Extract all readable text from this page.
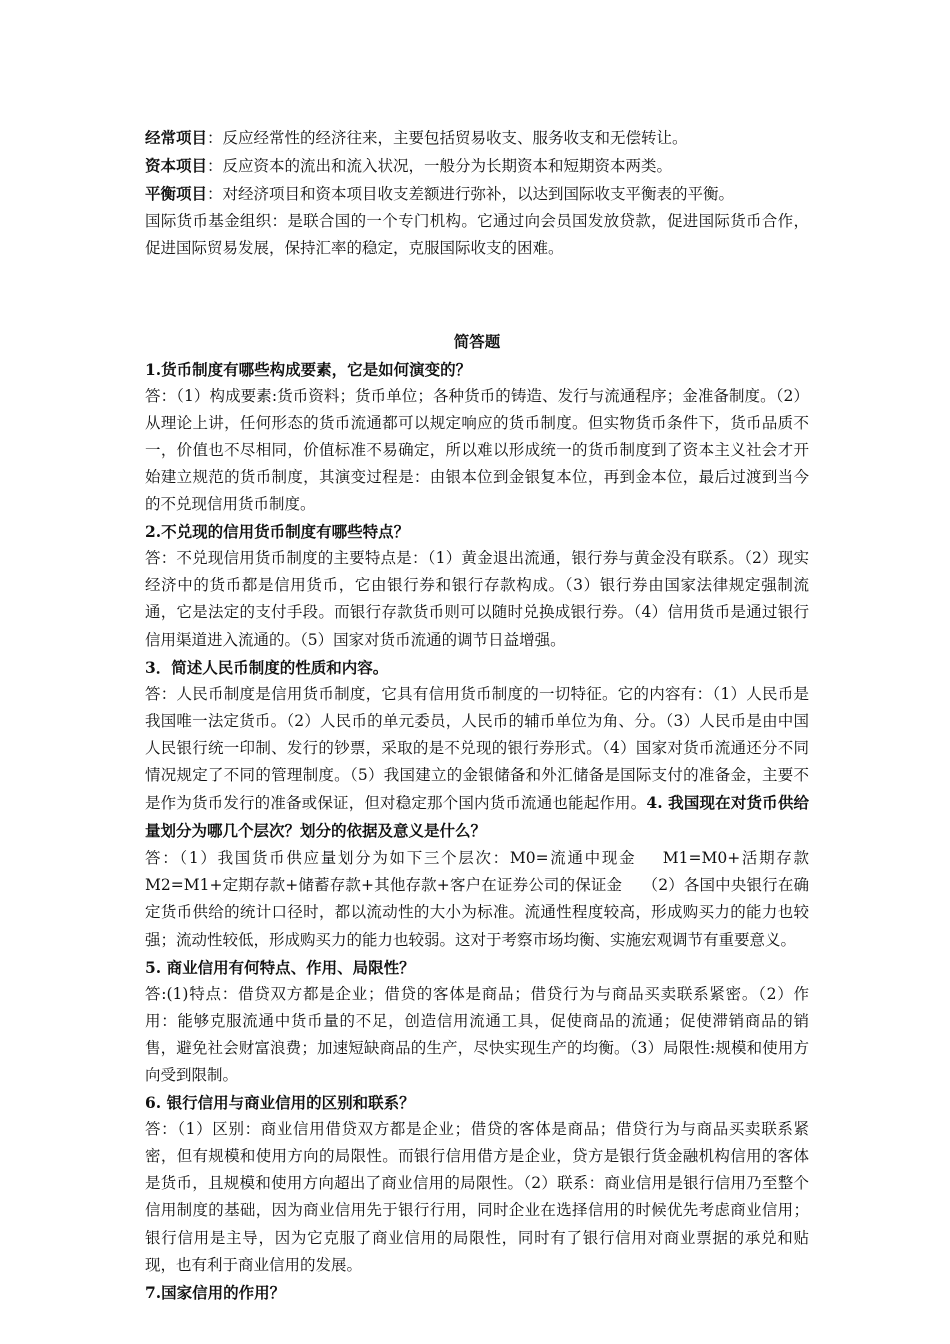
经常项目：反应经常性的经济往来，主要包括贸易收支、服务收支和无偿转让。

资本项目：反应资本的流出和流入状况，一般分为长期资本和短期资本两类。

平衡项目：对经济项目和资本项目收支差额进行弥补，以达到国际收支平衡表的平衡。

国际货币基金组织：是联合国的一个专门机构。它通过向会员国发放贷款，促进国际货币合作，促进国际贸易发展，保持汇率的稳定，克服国际收支的困难。

简答题

1.货币制度有哪些构成要素，它是如何演变的？

答：（1）构成要素:货币资料；货币单位；各种货币的铸造、发行与流通程序；金准备制度。（2）从理论上讲，任何形态的货币流通都可以规定响应的货币制度。但实物货币条件下，货币品质不一，价值也不尽相同，价值标准不易确定，所以难以形成统一的货币制度到了资本主义社会才开始建立规范的货币制度，其演变过程是：由银本位到金银复本位，再到金本位，最后过渡到当今的不兑现信用货币制度。

2.不兑现的信用货币制度有哪些特点？

答：不兑现信用货币制度的主要特点是：（1）黄金退出流通，银行券与黄金没有联系。（2）现实经济中的货币都是信用货币，它由银行券和银行存款构成。（3）银行券由国家法律规定强制流通，它是法定的支付手段。而银行存款货币则可以随时兑换成银行券。（4）信用货币是通过银行信用渠道进入流通的。（5）国家对货币流通的调节日益增强。

3．简述人民币制度的性质和内容。

答：人民币制度是信用货币制度，它具有信用货币制度的一切特征。它的内容有：（1）人民币是我国唯一法定货币。（2）人民币的单元委员，人民币的辅币单位为角、分。（3）人民币是由中国人民银行统一印制、发行的钞票，采取的是不兑现的银行券形式。（4）国家对货币流通还分不同情况规定了不同的管理制度。（5）我国建立的金银储备和外汇储备是国际支付的准备金，主要不是作为货币发行的准备或保证，但对稳定那个国内货币流通也能起作用。4. 我国现在对货币供给量划分为哪几个层次？划分的依据及意义是什么？

答：（1）我国货币供应量划分为如下三个层次：M0=流通中现金 M1=M0+活期存款M2=M1+定期存款+储蓄存款+其他存款+客户在证券公司的保证金 （2）各国中央银行在确定货币供给的统计口径时，都以流动性的大小为标准。流通性程度较高，形成购买力的能力也较强；流动性较低，形成购买力的能力也较弱。这对于考察市场均衡、实施宏观调节有重要意义。

5. 商业信用有何特点、作用、局限性？

答:(1)特点：借贷双方都是企业；借贷的客体是商品；借贷行为与商品买卖联系紧密。（2）作用：能够克服流通中货币量的不足，创造信用流通工具，促使商品的流通；促使滞销商品的销售，避免社会财富浪费；加速短缺商品的生产，尽快实现生产的均衡。（3）局限性:规模和使用方向受到限制。

6. 银行信用与商业信用的区别和联系？

答：（1）区别：商业信用借贷双方都是企业；借贷的客体是商品；借贷行为与商品买卖联系紧密，但有规模和使用方向的局限性。而银行信用借方是企业，贷方是银行货金融机构信用的客体是货币，且规模和使用方向超出了商业信用的局限性。（2）联系：商业信用是银行信用乃至整个信用制度的基础，因为商业信用先于银行行用，同时企业在选择信用的时候优先考虑商业信用；银行信用是主导，因为它克服了商业信用的局限性，同时有了银行信用对商业票据的承兑和贴现，也有利于商业信用的发展。

7.国家信用的作用？
